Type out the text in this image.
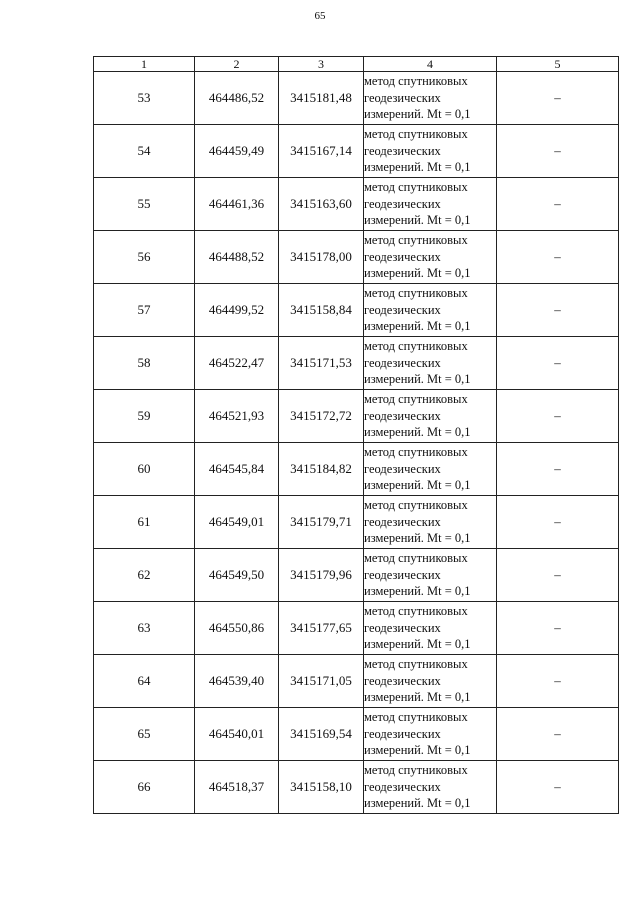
65
1	2	3	4	5
53	464486,52	3415181,48	метод спутниковых
геодезических
измерений. Mt = 0,1	–
54	464459,49	3415167,14	метод спутниковых
геодезических
измерений. Mt = 0,1	–
55	464461,36	3415163,60	метод спутниковых
геодезических
измерений. Mt = 0,1	–
56	464488,52	3415178,00	метод спутниковых
геодезических
измерений. Mt = 0,1	–
57	464499,52	3415158,84	метод спутниковых
геодезических
измерений. Mt = 0,1	–
58	464522,47	3415171,53	метод спутниковых
геодезических
измерений. Mt = 0,1	–
59	464521,93	3415172,72	метод спутниковых
геодезических
измерений. Mt = 0,1	–
60	464545,84	3415184,82	метод спутниковых
геодезических
измерений. Mt = 0,1	–
61	464549,01	3415179,71	метод спутниковых
геодезических
измерений. Mt = 0,1	–
62	464549,50	3415179,96	метод спутниковых
геодезических
измерений. Mt = 0,1	–
63	464550,86	3415177,65	метод спутниковых
геодезических
измерений. Mt = 0,1	–
64	464539,40	3415171,05	метод спутниковых
геодезических
измерений. Mt = 0,1	–
65	464540,01	3415169,54	метод спутниковых
геодезических
измерений. Mt = 0,1	–
66	464518,37	3415158,10	метод спутниковых
геодезических
измерений. Mt = 0,1	–
